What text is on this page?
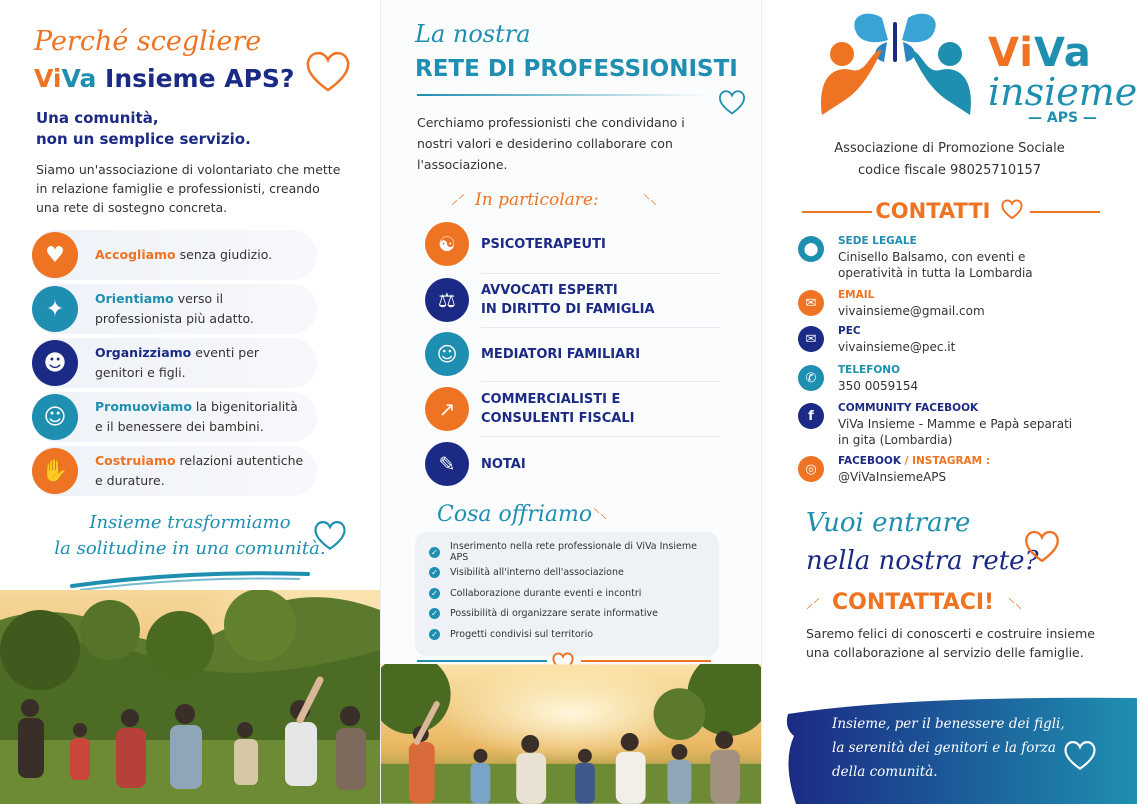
Perché scegliere
ViVa Insieme APS?
Una comunità,
non un semplice servizio.
Siamo un'associazione di volontariato che mette in relazione famiglie e professionisti, creando una rete di sostegno concreta.
♥	Accogliamo senza giudizio.
✦	Orientiamo verso il professionista più adatto.
☻	Organizziamo eventi per genitori e figli.
☺	Promuoviamo la bigenitorialità e il benessere dei bambini.
✋	Costruiamo relazioni autentiche e durature.
Insieme trasformiamo
la solitudine in una comunità.
La nostra
RETE DI PROFESSIONISTI
Cerchiamo professionisti che condividano i nostri valori e desiderino collaborare con l'associazione.
⸝⸍ In particolare:	⸌⸜
☯	PSICOTERAPEUTI
⚖	AVVOCATI ESPERTI
IN DIRITTO DI FAMIGLIA
☺	MEDIATORI FAMILIARI
↗	COMMERCIALISTI E
CONSULENTI FISCALI
✎	NOTAI
Cosa offriamo ⸌⸜
✓ Inserimento nella rete professionale di ViVa Insieme APS
✓ Visibilità all'interno dell'associazione
✓ Collaborazione durante eventi e incontri
✓ Possibilità di organizzare serate informative
✓ Progetti condivisi sul territorio
ViVa
insieme
— APS —
Associazione di Promozione Sociale
codice fiscale 98025710157
CONTATTI
⬤
SEDE LEGALE
Cinisello Balsamo, con eventi e operatività in tutta la Lombardia
✉
EMAIL
vivainsieme@gmail.com
✉
PEC
vivainsieme@pec.it
✆
TELEFONO
350 0059154
f
COMMUNITY FACEBOOK
ViVa Insieme - Mamme e Papà separati in gita (Lombardia)
◎
FACEBOOK / INSTAGRAM :
@ViVaInsiemeAPS
Vuoi entrare
nella nostra rete?
⸝⸍ CONTATTACI! ⸌⸜
Saremo felici di conoscerti e costruire insieme una collaborazione al servizio delle famiglie.
Insieme, per il benessere dei figli,
la serenità dei genitori e la forza
della comunità.
